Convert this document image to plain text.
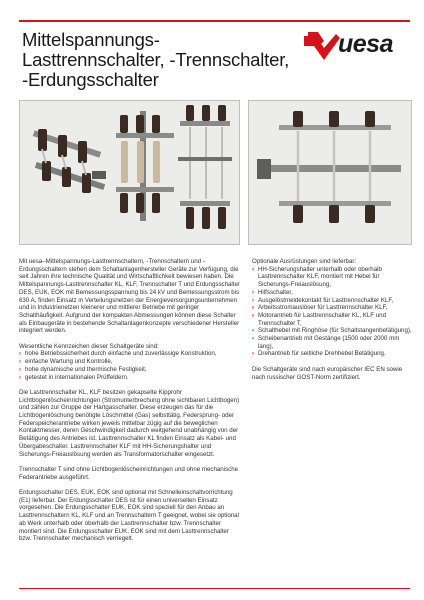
Mittelspannungs-
Lasttrennschalter, -Trennschalter,
-Erdungsschalter
uesa

Mit uesa–Mittelspannungs-Lasttrennschaltern, -Trennschaltern und -Erdungsschaltern stehen dem Schaltanlagenhersteller Geräte zur Verfügung, die seit Jahren ihre technische Qualität und Wirtschaftlichkeit bewiesen haben. Die Mittelspannungs-Lasttrennschalter KL, KLF, Trennschalter T und Erdungsschalter DES, EUK, EOK mit Bemessungsspannung bis 24 kV und Bemessungsstrom bis 630 A, finden Einsatz in Verteilungsnetzen der Energieversorgungsunternehmen und in Industrienetzen kleinerer und mittlerer Betriebe mit geringer Schalthäufigkeit. Aufgrund der kompakten Abmessungen können diese Schalter als Einbaugeräte in bestehende Schaltanlagenkonzepte verschiedener Hersteller integriert werden.

Wesentliche Kennzeichen dieser Schaltgeräte sind:

› hohe Betriebssicherheit durch einfache und zuverlässige Konstruktion,
› einfache Wartung und Kontrolle,
› hohe dynamische und thermische Festigkeit,
› getestet in internationalen Prüffeldern.

Die Lasttrennschalter KL, KLF besitzen gekapselte Kipprohr Lichtbogenlöscheinrichtungen (Stromunterbrechung ohne sichtbaren Lichtbogen) und zählen zur Gruppe der Hartgasschalter. Diese erzeugen das für die Lichtbogenlöschung benötigte Löschmittel (Gas) selbsttätig. Federsprung- oder Federspeicherantriebe wirken jeweils mittelbar zügig auf die beweglichen Kontaktmesser, deren Geschwindigkeit dadurch weitgehend unabhängig von der Betätigung des Antriebes ist. Lasttrennschalter KL finden Einsatz als Kabel- und Übergabeschalter. Lasttrennschalter KLF mit HH-Sicherungshalter und Sicherungs-Freiauslösung werden als Transformatorschalter eingesetzt.

Trennschalter T sind ohne Lichtbogenlöscheinrichtungen und ohne mechanische Federantriebe ausgeführt.

Erdungsschalter DES, EUK, EOK sind optional mit Schnelleinschaltvorrichtung (E1) lieferbar. Der Erdungsschalter DES ist für einen universellen Einsatz vorgesehen. Die Erdungsschalter EUK, EOK sind speziell für den Anbau an Lasttrennschaltern KL, KLF und an Trennschaltern T geeignet, wobei sie optional ab Werk unterhalb oder oberhalb der Lasttrennschalter bzw. Trennschalter montiert sind. Die Erdungsschalter EUK, EOK sind mit dem Lasttrennschalter bzw. Trennschalter mechanisch verriegelt.

Optionale Ausrüstungen sind lieferbar:

› HH-Sicherungshalter unterhalb oder oberhalb Lasttrennschalter KLF, montiert mit Hebel für Sicherungs-Freiauslösung,
› Hilfsschalter,
› Ausgelöstmeldekontakt für Lasttrennschalter KLF,
› Arbeitsstromauslöser für Lasttrennschalter KLF,
› Motorantrieb für Lasttrennschalter KL, KLF und Trennschalter T,
› Schalthebel mit Ringhöse (für Schaltstangenbetätigung),
› Scheibenantrieb mit Gestänge (1500 oder 2000 mm lang),
› Drehantrieb für seitliche Drehhebel Betätigung.

Die Schaltgeräte sind nach europäischer IEC EN sowie nach russischer GOST-Norm zertifiziert.
